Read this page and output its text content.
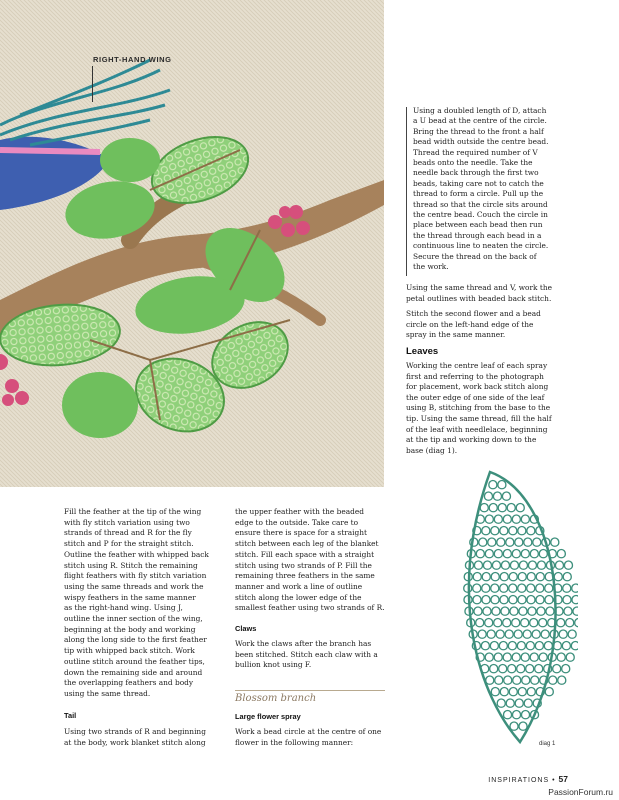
RIGHT-HAND WING
Using a doubled length of D, attach
a U bead at the centre of the circle.
Bring the thread to the front a half
bead width outside the centre bead.
Thread the required number of V
beads onto the needle. Take the
needle back through the first two
beads, taking care not to catch the
thread to form a circle. Pull up the
thread so that the circle sits around
the centre bead. Couch the circle in
place between each bead then run
the thread through each bead in a
continuous line to neaten the circle.
Secure the thread on the back of
the work.
Using the same thread and V, work the
petal outlines with beaded back stitch.
Stitch the second flower and a bead
circle on the left-hand edge of the
spray in the same manner.
Leaves
Working the centre leaf of each spray
first and referring to the photograph
for placement, work back stitch along
the outer edge of one side of the leaf
using B, stitching from the base to the
tip. Using the same thread, fill the half
of the leaf with needlelace, beginning
at the tip and working down to the
base (diag 1).
Fill the feather at the tip of the wing
with fly stitch variation using two
strands of thread and R for the fly
stitch and P for the straight stitch.
Outline the feather with whipped back
stitch using R. Stitch the remaining
flight feathers with fly stitch variation
using the same threads and work the
wispy feathers in the same manner
as the right-hand wing. Using J,
outline the inner section of the wing,
beginning at the body and working
along the long side to the first feather
tip with whipped back stitch. Work
outline stitch around the feather tips,
down the remaining side and around
the overlapping feathers and body
using the same thread.
Tail
Using two strands of R and beginning
at the body, work blanket stitch along
the upper feather with the beaded
edge to the outside. Take care to
ensure there is space for a straight
stitch between each leg of the blanket
stitch. Fill each space with a straight
stitch using two strands of P. Fill the
remaining three feathers in the same
manner and work a line of outline
stitch along the lower edge of the
smallest feather using two strands of R.
Claws
Work the claws after the branch has
been stitched. Stitch each claw with a
bullion knot using F.
Blossom branch
Large flower spray
Work a bead circle at the centre of one
flower in the following manner:	diag 1
INSPIRATIONS • 57
PassionForum.ru
